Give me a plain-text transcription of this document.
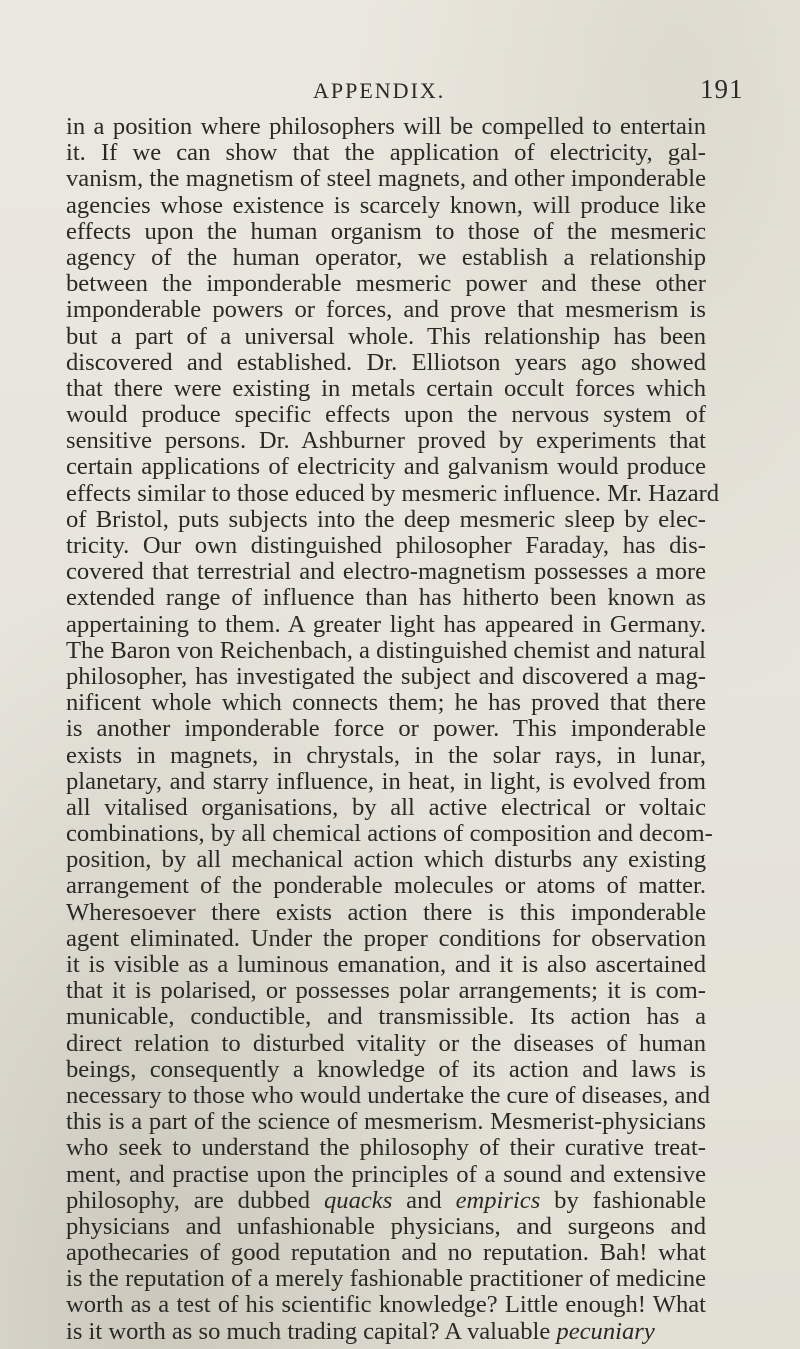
APPENDIX.	191
in a position where philosophers will be compelled to entertain
it. If we can show that the application of electricity, gal-
vanism, the magnetism of steel magnets, and other imponderable
agencies whose existence is scarcely known, will produce like
effects upon the human organism to those of the mesmeric
agency of the human operator, we establish a relationship
between the imponderable mesmeric power and these other
imponderable powers or forces, and prove that mesmerism is
but a part of a universal whole. This relationship has been
discovered and established. Dr. Elliotson years ago showed
that there were existing in metals certain occult forces which
would produce specific effects upon the nervous system of
sensitive persons. Dr. Ashburner proved by experiments that
certain applications of electricity and galvanism would produce
effects similar to those educed by mesmeric influence. Mr. Hazard
of Bristol, puts subjects into the deep mesmeric sleep by elec-
tricity. Our own distinguished philosopher Faraday, has dis-
covered that terrestrial and electro-magnetism possesses a more
extended range of influence than has hitherto been known as
appertaining to them. A greater light has appeared in Germany.
The Baron von Reichenbach, a distinguished chemist and natural
philosopher, has investigated the subject and discovered a mag-
nificent whole which connects them; he has proved that there
is another imponderable force or power. This imponderable
exists in magnets, in chrystals, in the solar rays, in lunar,
planetary, and starry influence, in heat, in light, is evolved from
all vitalised organisations, by all active electrical or voltaic
combinations, by all chemical actions of composition and decom-
position, by all mechanical action which disturbs any existing
arrangement of the ponderable molecules or atoms of matter.
Wheresoever there exists action there is this imponderable
agent eliminated. Under the proper conditions for observation
it is visible as a luminous emanation, and it is also ascertained
that it is polarised, or possesses polar arrangements; it is com-
municable, conductible, and transmissible. Its action has a
direct relation to disturbed vitality or the diseases of human
beings, consequently a knowledge of its action and laws is
necessary to those who would undertake the cure of diseases, and
this is a part of the science of mesmerism. Mesmerist-physicians
who seek to understand the philosophy of their curative treat-
ment, and practise upon the principles of a sound and extensive
philosophy, are dubbed quacks and empirics by fashionable
physicians and unfashionable physicians, and surgeons and
apothecaries of good reputation and no reputation. Bah! what
is the reputation of a merely fashionable practitioner of medicine
worth as a test of his scientific knowledge? Little enough! What
is it worth as so much trading capital? A valuable pecuniary
